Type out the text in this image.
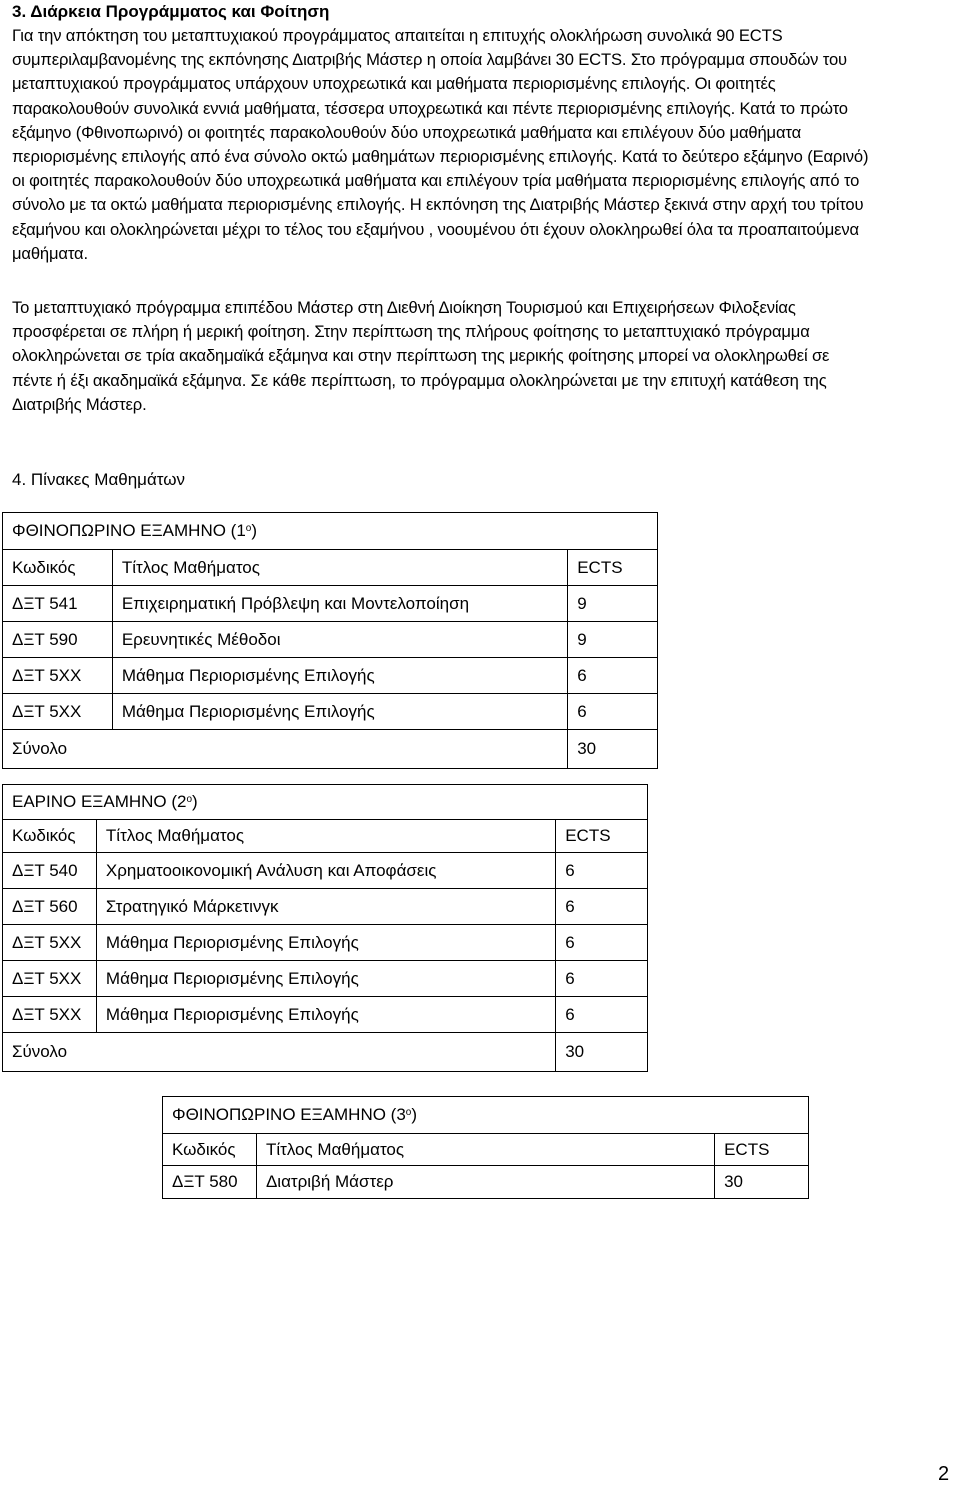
3. Διάρκεια Προγράμματος και Φοίτηση
Για την απόκτηση του μεταπτυχιακού προγράμματος απαιτείται η επιτυχής ολοκλήρωση συνολικά 90 ECTS
συμπεριλαμβανομένης της εκπόνησης Διατριβής Μάστερ η οποία λαμβάνει 30 ECTS. Στο πρόγραμμα σπουδών του
μεταπτυχιακού προγράμματος υπάρχουν υποχρεωτικά και μαθήματα περιορισμένης επιλογής. Οι φοιτητές
παρακολουθούν συνολικά εννιά μαθήματα, τέσσερα υποχρεωτικά και πέντε περιορισμένης επιλογής. Κατά το πρώτο
εξάμηνο (Φθινοπωρινό) οι φοιτητές παρακολουθούν δύο υποχρεωτικά μαθήματα και επιλέγουν δύο μαθήματα
περιορισμένης επιλογής από ένα σύνολο οκτώ μαθημάτων περιορισμένης επιλογής. Κατά το δεύτερο εξάμηνο (Εαρινό)
οι φοιτητές παρακολουθούν δύο υποχρεωτικά μαθήματα και επιλέγουν τρία μαθήματα περιορισμένης επιλογής από το
σύνολο με τα οκτώ μαθήματα περιορισμένης επιλογής. Η εκπόνηση της Διατριβής Μάστερ ξεκινά στην αρχή του τρίτου
εξαμήνου και ολοκληρώνεται μέχρι το τέλος του εξαμήνου , νοουμένου ότι έχουν ολοκληρωθεί όλα τα προαπαιτούμενα
μαθήματα.
Το μεταπτυχιακό πρόγραμμα επιπέδου Μάστερ στη Διεθνή Διοίκηση Τουρισμού και Επιχειρήσεων Φιλοξενίας
προσφέρεται σε πλήρη ή μερική φοίτηση. Στην περίπτωση της πλήρους φοίτησης το μεταπτυχιακό πρόγραμμα
ολοκληρώνεται σε τρία ακαδημαϊκά εξάμηνα και στην περίπτωση της μερικής φοίτησης μπορεί να ολοκληρωθεί σε
πέντε ή έξι ακαδημαϊκά εξάμηνα. Σε κάθε περίπτωση, το πρόγραμμα ολοκληρώνεται με την επιτυχή κατάθεση της
Διατριβής Μάστερ.
4. Πίνακες Μαθημάτων
ΦΘΙΝΟΠΩΡΙΝΟ ΕΞΑΜΗΝΟ $(1^o)$		
Κωδικός	Τίτλος Μαθήματος	ECTS
ΔΞΤ 541	Επιχειρηματική Πρόβλεψη και Μοντελοποίηση	9
ΔΞΤ 590	Ερευνητικές Μέθοδοι	9
ΔΞΤ 5XX	Μάθημα Περιορισμένης Επιλογής	6
ΔΞΤ 5XX	Μάθημα Περιορισμένης Επιλογής	6
Σύνολο		30
ΕΑΡΙΝΟ ΕΞΑΜΗΝΟ $(2^o)$		
Κωδικός	Τίτλος Μαθήματος	ECTS
ΔΞΤ 540	Χρηματοοικονομική Ανάλυση και Αποφάσεις	6
ΔΞΤ 560	Στρατηγικό Μάρκετινγκ	6
ΔΞΤ 5XX	Μάθημα Περιορισμένης Επιλογής	6
ΔΞΤ 5XX	Μάθημα Περιορισμένης Επιλογής	6
ΔΞΤ 5XX	Μάθημα Περιορισμένης Επιλογής	6
Σύνολο		30
ΦΘΙΝΟΠΩΡΙΝΟ ΕΞΑΜΗΝΟ $(3^o)$		
Κωδικός	Τίτλος Μαθήματος	ECTS
ΔΞΤ 580	Διατριβή Μάστερ	30
2
